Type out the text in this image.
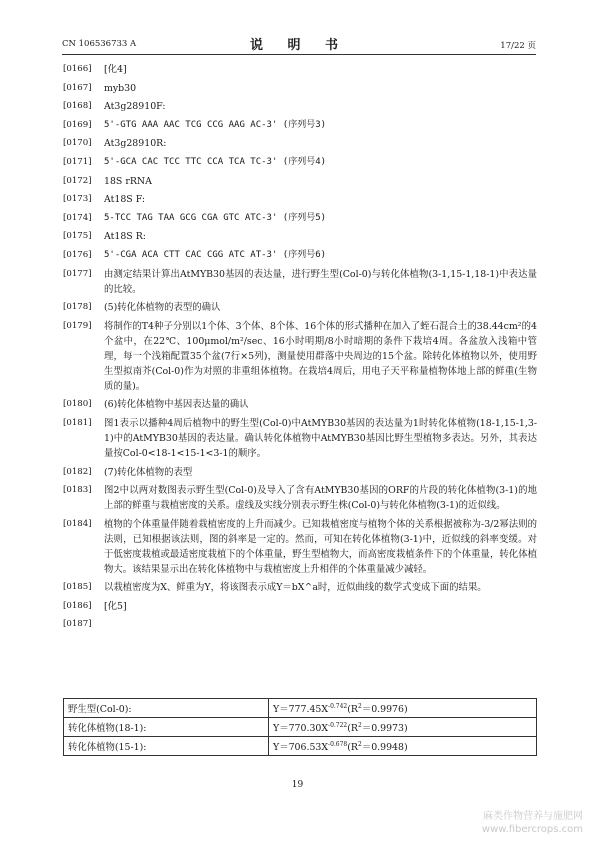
CN 106536733 A	说 明 书	17/22 页
[0166]	[化4]
[0167]	myb30
[0168]	At3g28910F:
[0169]	5'-GTG AAA AAC TCG CCG AAG AC-3' (序列号3)
[0170]	At3g28910R:
[0171]	5'-GCA CAC TCC TTC CCA TCA TC-3' (序列号4)
[0172]	18S rRNA
[0173]	At18S F:
[0174]	5-TCC TAG TAA GCG CGA GTC ATC-3' (序列号5)
[0175]	At18S R:
[0176]	5'-CGA ACA CTT CAC CGG ATC AT-3' (序列号6)
[0177]	由测定结果计算出AtMYB30基因的表达量，进行野生型(Col-0)与转化体植物(3-1,15-1,18-1)中表达量的比较。
[0178]	(5)转化体植物的表型的确认
[0179]	将制作的T4种子分别以1个体、3个体、8个体、16个体的形式播种在加入了蛭石混合土的38.44cm²的4个盆中，在22℃、100μmol/m²/sec、16小时明期/8小时暗期的条件下栽培4周。各盆放入浅箱中管理，每一个浅箱配置35个盆(7行×5列)，测量使用群落中央周边的15个盆。除转化体植物以外，使用野生型拟南芥(Col-0)作为对照的非重组体植物。在栽培4周后，用电子天平称量植物体地上部的鲜重(生物质的量)。
[0180]	(6)转化体植物中基因表达量的确认
[0181]	图1表示以播种4周后植物中的野生型(Col-0)中AtMYB30基因的表达量为1时转化体植物(18-1,15-1,3-1)中的AtMYB30基因的表达量。确认转化体植物中AtMYB30基因比野生型植物多表达。另外，其表达量按Col-0<18-1<15-1<3-1的顺序。
[0182]	(7)转化体植物的表型
[0183]	图2中以两对数图表示野生型(Col-0)及导入了含有AtMYB30基因的ORF的片段的转化体植物(3-1)的地上部的鲜重与栽植密度的关系。虚线及实线分别表示野生株(Col-0)与转化体植物(3-1)的近似线。
[0184]	植物的个体重量伴随着栽植密度的上升而减少。已知栽植密度与植物个体的关系根据被称为-3/2幂法则的法则，已知根据该法则，图的斜率是一定的。然而，可知在转化体植物(3-1)中，近似线的斜率变缓。对于低密度栽植或最适密度栽植下的个体重量，野生型植物大，而高密度栽植条件下的个体重量，转化体植物大。该结果显示出在转化体植物中与栽植密度上升相伴的个体重量减少减轻。
[0185]	以栽植密度为X、鲜重为Y，将该图表示成Y＝bX^a时，近似曲线的数学式变成下面的结果。
[0186]	[化5]
[0187]
野生型(Col-0):	$Y=777.45X^{-0.742}(R^2=0.9976)$
转化体植物(18-1):	$Y=770.30X^{-0.722}(R^2=0.9973)$
转化体植物(15-1):	$Y=706.53X^{-0.678}(R^2=0.9948)$
19
麻类作物营养与施肥网
www.fibercrops.com
